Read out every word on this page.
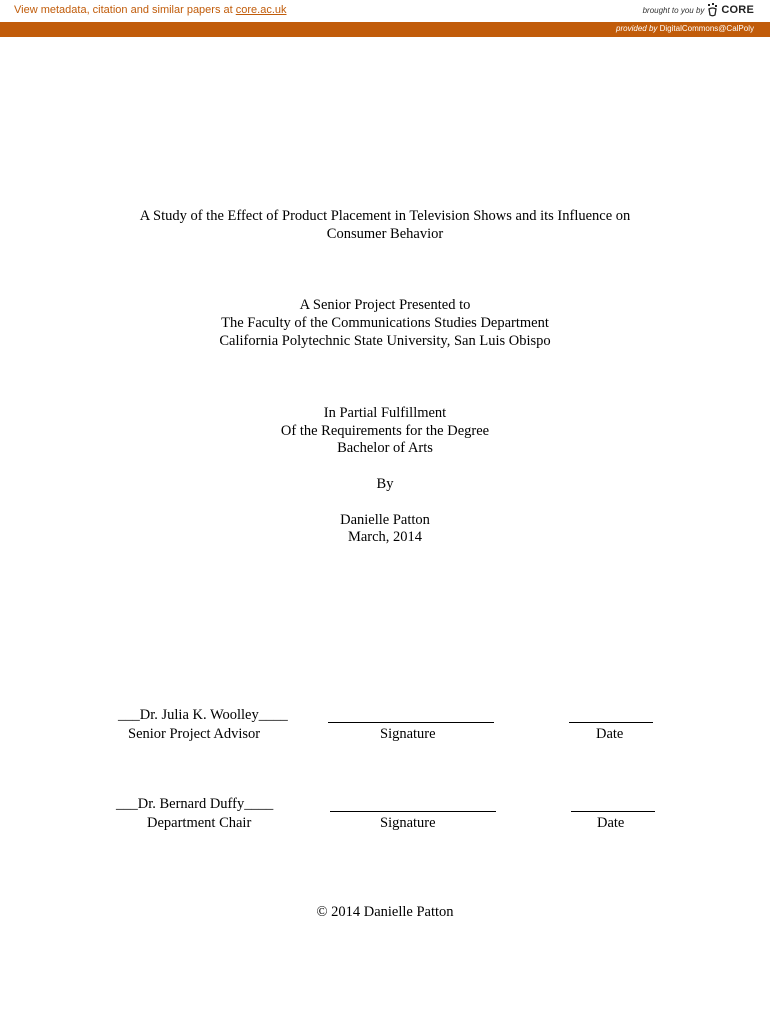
View metadata, citation and similar papers at core.ac.uk	brought to you by CORE
provided by DigitalCommons@CalPoly
A Study of the Effect of Product Placement in Television Shows and its Influence on
Consumer Behavior
A Senior Project Presented to
The Faculty of the Communications Studies Department
California Polytechnic State University, San Luis Obispo
In Partial Fulfillment
Of the Requirements for the Degree
Bachelor of Arts
By
Danielle Patton
March, 2014
___Dr. Julia K. Woolley____
Senior Project Advisor	Signature	Date
___Dr. Bernard Duffy____
Department Chair	Signature	Date
© 2014 Danielle Patton
